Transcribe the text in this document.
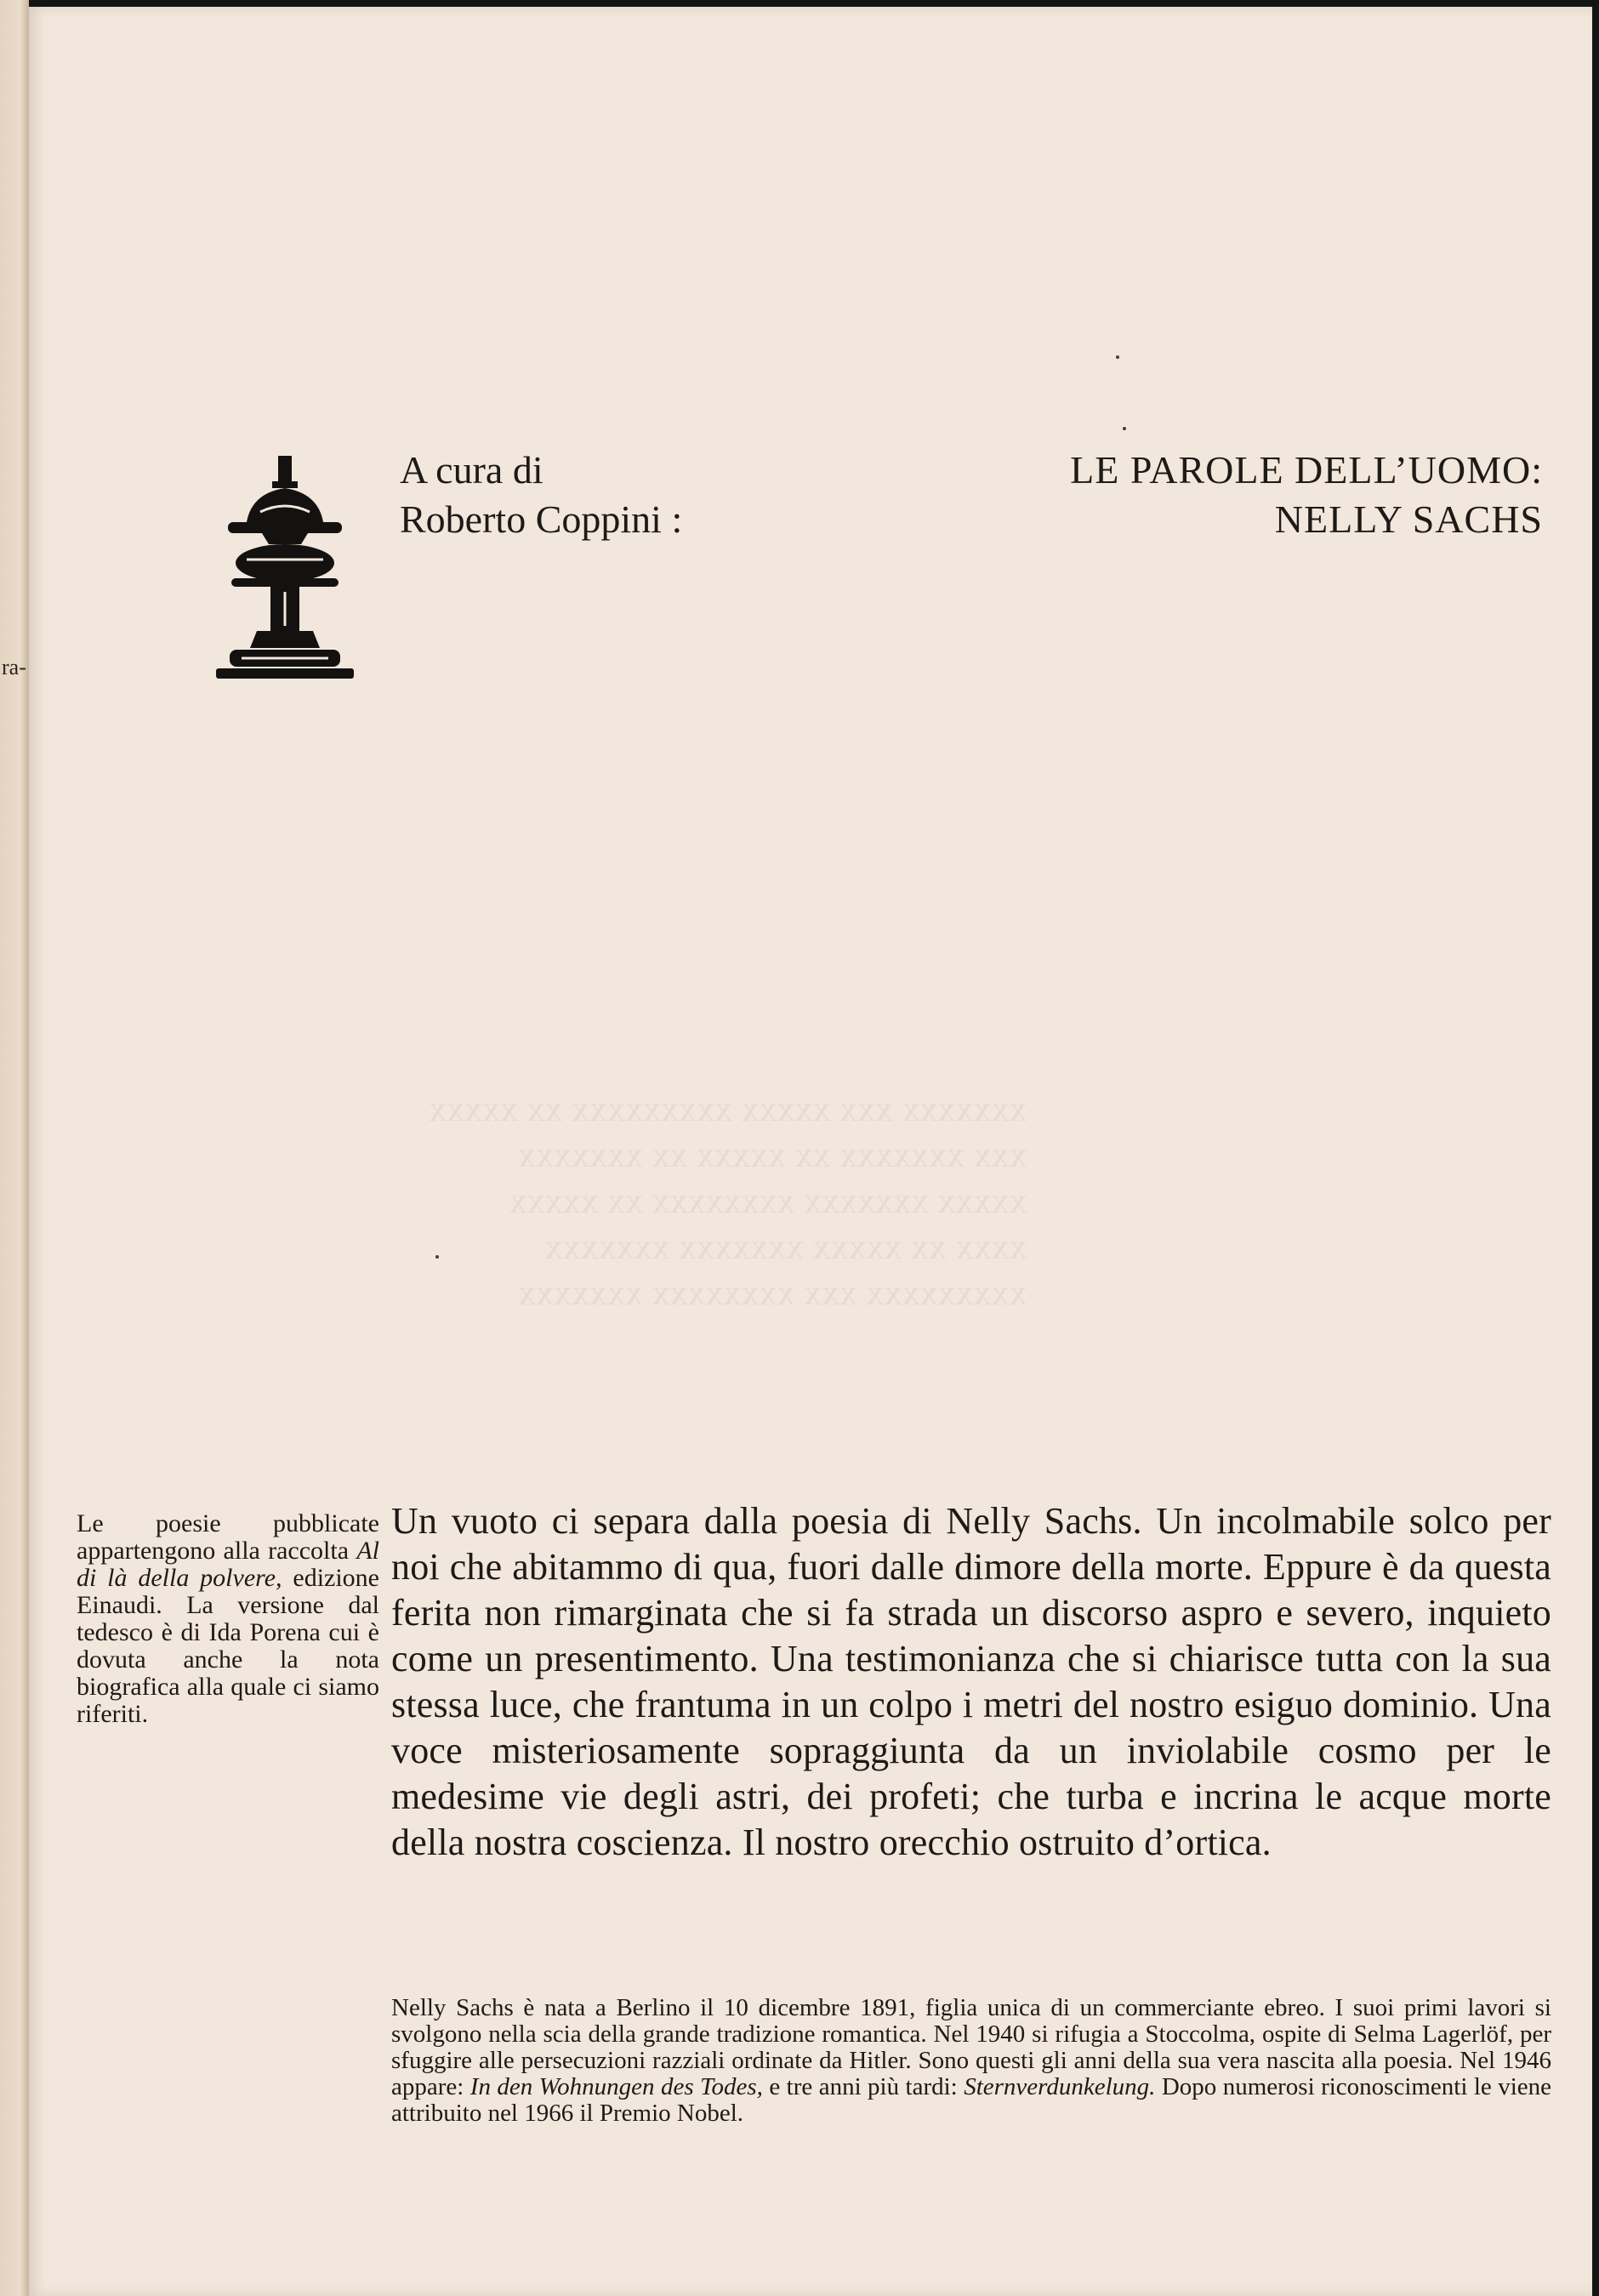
ra-
xxxxxxx xxx xxxxx xxxxxxxxx xx xxxxx
xxx xxxxxxx xx xxxxx xx xxxxxxx
xxxxx xxxxxxx xxxxxxxx xx xxxxx
xxxx xx xxxxx xxxxxxx xxxxxxx
xxxxxxxxx xxx xxxxxxxx xxxxxxx
A cura di
Roberto Coppini :
LE PAROLE DELL’UOMO:
NELLY SACHS
Le poesie pubblicate appartengono alla raccolta Al di là della polvere, edizione Einaudi. La versione dal tedesco è di Ida Porena cui è dovuta anche la nota biografica alla quale ci siamo riferiti.

Un vuoto ci separa dalla poesia di Nelly Sachs. Un incolmabile solco per noi che abitammo di qua, fuori dalle dimore della morte. Eppure è da questa ferita non rimarginata che si fa strada un discorso aspro e severo, inquieto come un presentimento. Una testimonianza che si chiarisce tutta con la sua stessa luce, che frantuma in un colpo i metri del nostro esiguo dominio. Una voce misteriosamente sopraggiunta da un inviolabile cosmo per le medesime vie degli astri, dei profeti; che turba e incrina le acque morte della nostra coscienza. Il nostro orecchio ostruito d’ortica.

Nelly Sachs è nata a Berlino il 10 dicembre 1891, figlia unica di un commerciante ebreo. I suoi primi lavori si svolgono nella scia della grande tradizione romantica. Nel 1940 si rifugia a Stoccolma, ospite di Selma Lagerlöf, per sfuggire alle persecuzioni razziali ordinate da Hitler. Sono questi gli anni della sua vera nascita alla poesia. Nel 1946 appare: In den Wohnungen des Todes, e tre anni più tardi: Sternverdunkelung. Dopo numerosi riconoscimenti le viene attribuito nel 1966 il Premio Nobel.
